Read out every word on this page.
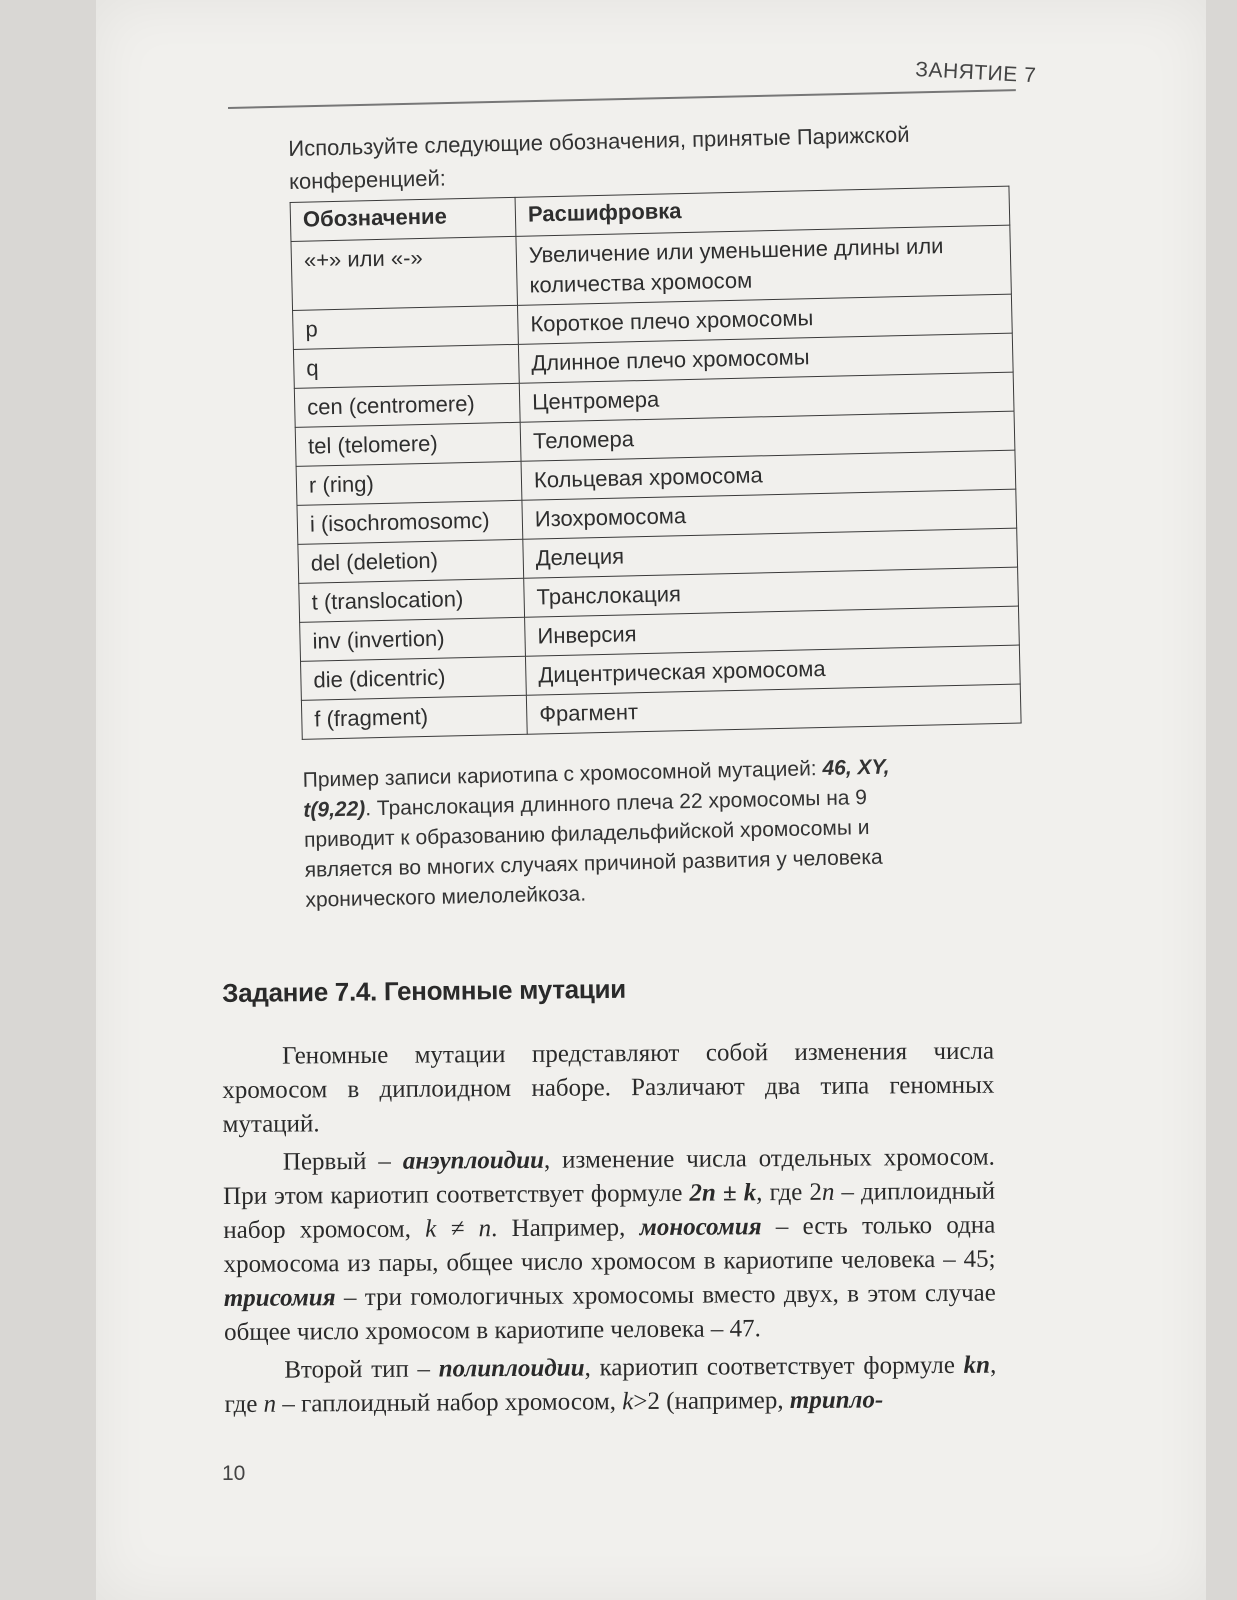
ЗАНЯТИЕ 7

Используйте следующие обозначения, принятые Парижской конференцией:

Обозначение	Расшифровка
«+» или «-»	Увеличение или уменьшение длины или количества хромосом
p	Короткое плечо хромосомы
q	Длинное плечо хромосомы
cen (centromere)	Центромера
tel (telomere)	Теломера
r (ring)	Кольцевая хромосома
i (isochromosomc)	Изохромосома
del (deletion)	Делеция
t (translocation)	Транслокация
inv (invertion)	Инверсия
die (dicentric)	Дицентрическая хромосома
f (fragment)	Фрагмент
Пример записи кариотипа с хромосомной мутацией: 46, XY, t(9,22). Транслокация длинного плеча 22 хромосомы на 9 приводит к образованию филадельфийской хромосомы и является во многих случаях причиной развития у человека хронического миелолейкоза.
Задание 7.4. Геномные мутации

Геномные мутации представляют собой изменения числа хромосом в диплоидном наборе. Различают два типа геномных мутаций.

Первый – анэуплоидии, изменение числа отдельных хромосом. При этом кариотип соответствует формуле 2n ± k, где 2n – диплоидный набор хромосом, k ≠ n. Например, моносомия – есть только одна хромосома из пары, общее число хромосом в кариотипе человека – 45; трисомия – три гомологичных хромосомы вместо двух, в этом случае общее число хромосом в кариотипе человека – 47.

Второй тип – полиплоидии, кариотип соответствует формуле kn, где n – гаплоидный набор хромосом, k>2 (например, трипло-

10
